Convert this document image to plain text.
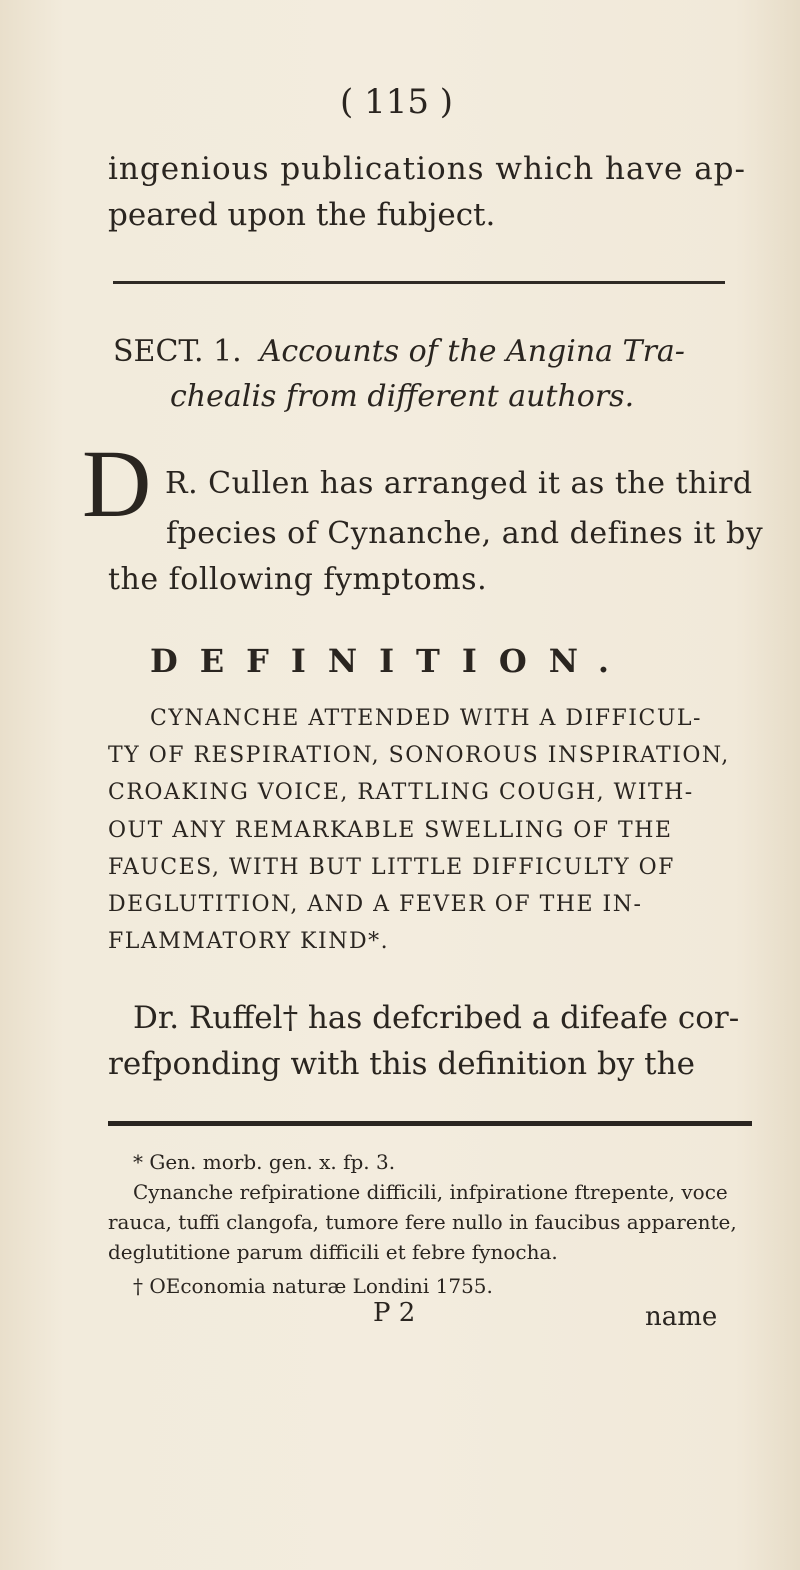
( 115 )
ingenious publications which have ap-
peared upon the fubject.
SECT. 1. Accounts of the Angina Tra-
chealis from different authors.
D R. Cullen has arranged it as the third
fpecies of Cynanche, and defines it by
the following fymptoms.
DEFINITION.
CYNANCHE ATTENDED WITH A DIFFICUL-
TY OF RESPIRATION, SONOROUS INSPIRATION,
CROAKING VOICE, RATTLING COUGH, WITH-
OUT ANY REMARKABLE SWELLING OF THE
FAUCES, WITH BUT LITTLE DIFFICULTY OF
DEGLUTITION, AND A FEVER OF THE IN-
FLAMMATORY KIND*.
Dr. Ruffel† has defcribed a difeafe cor-
refponding with this definition by the
* Gen. morb. gen. x. fp. 3.
Cynanche refpiratione difficili, infpiratione ftrepente, voce
rauca, tuffi clangofa, tumore fere nullo in faucibus apparente,
deglutitione parum difficili et febre fynocha.
† OEconomia naturæ Londini 1755.
P 2	name
